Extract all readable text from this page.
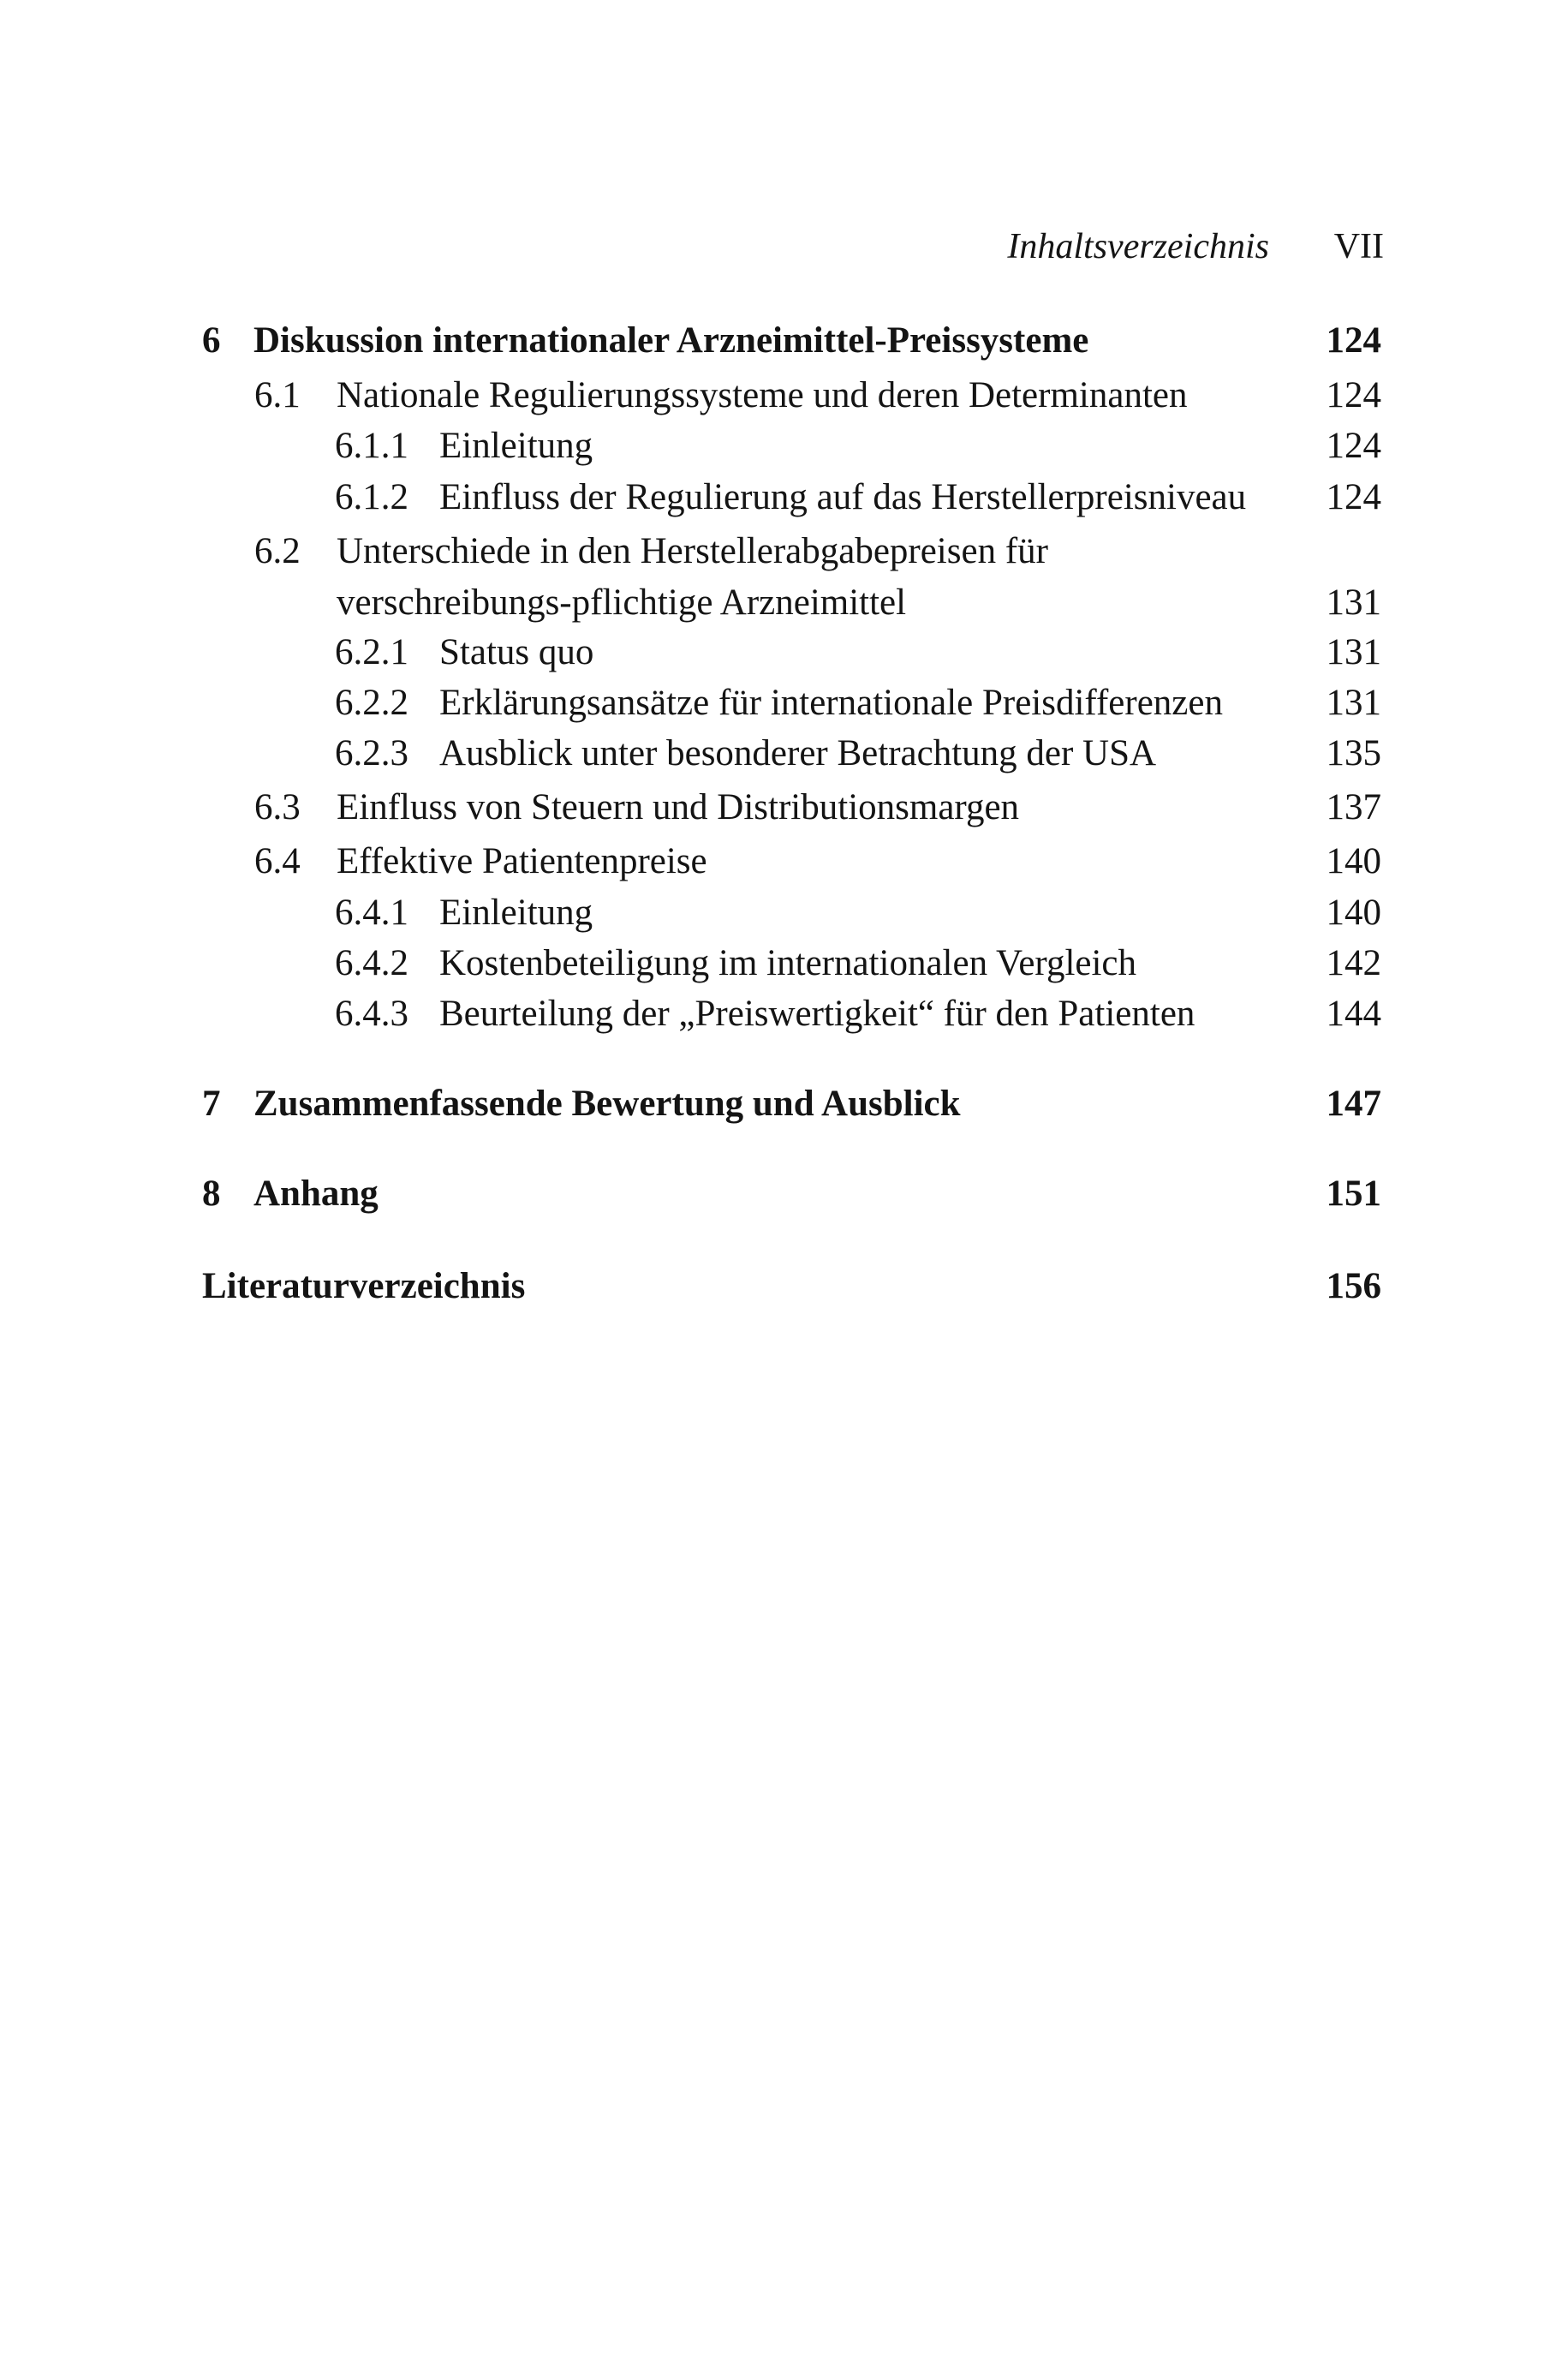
Inhaltsverzeichnis VII
6 Diskussion internationaler Arzneimittel-Preissysteme	124
6.1 Nationale Regulierungssysteme und deren Determinanten	124
6.1.1 Einleitung	124
6.1.2 Einfluss der Regulierung auf das Herstellerpreisniveau 124
6.2 Unterschiede in den Herstellerabgabepreisen für verschreibungs-pflichtige Arzneimittel	131
6.2.1 Status quo	131
6.2.2 Erklärungsansätze für internationale Preisdifferenzen	131
6.2.3 Ausblick unter besonderer Betrachtung der USA	135
6.3 Einfluss von Steuern und Distributionsmargen	137
6.4 Effektive Patientenpreise	140
6.4.1 Einleitung	140
6.4.2 Kostenbeteiligung im internationalen Vergleich	142
6.4.3 Beurteilung der „Preiswertigkeit“ für den Patienten	144
7 Zusammenfassende Bewertung und Ausblick	147
8 Anhang	151
Literaturverzeichnis	156
